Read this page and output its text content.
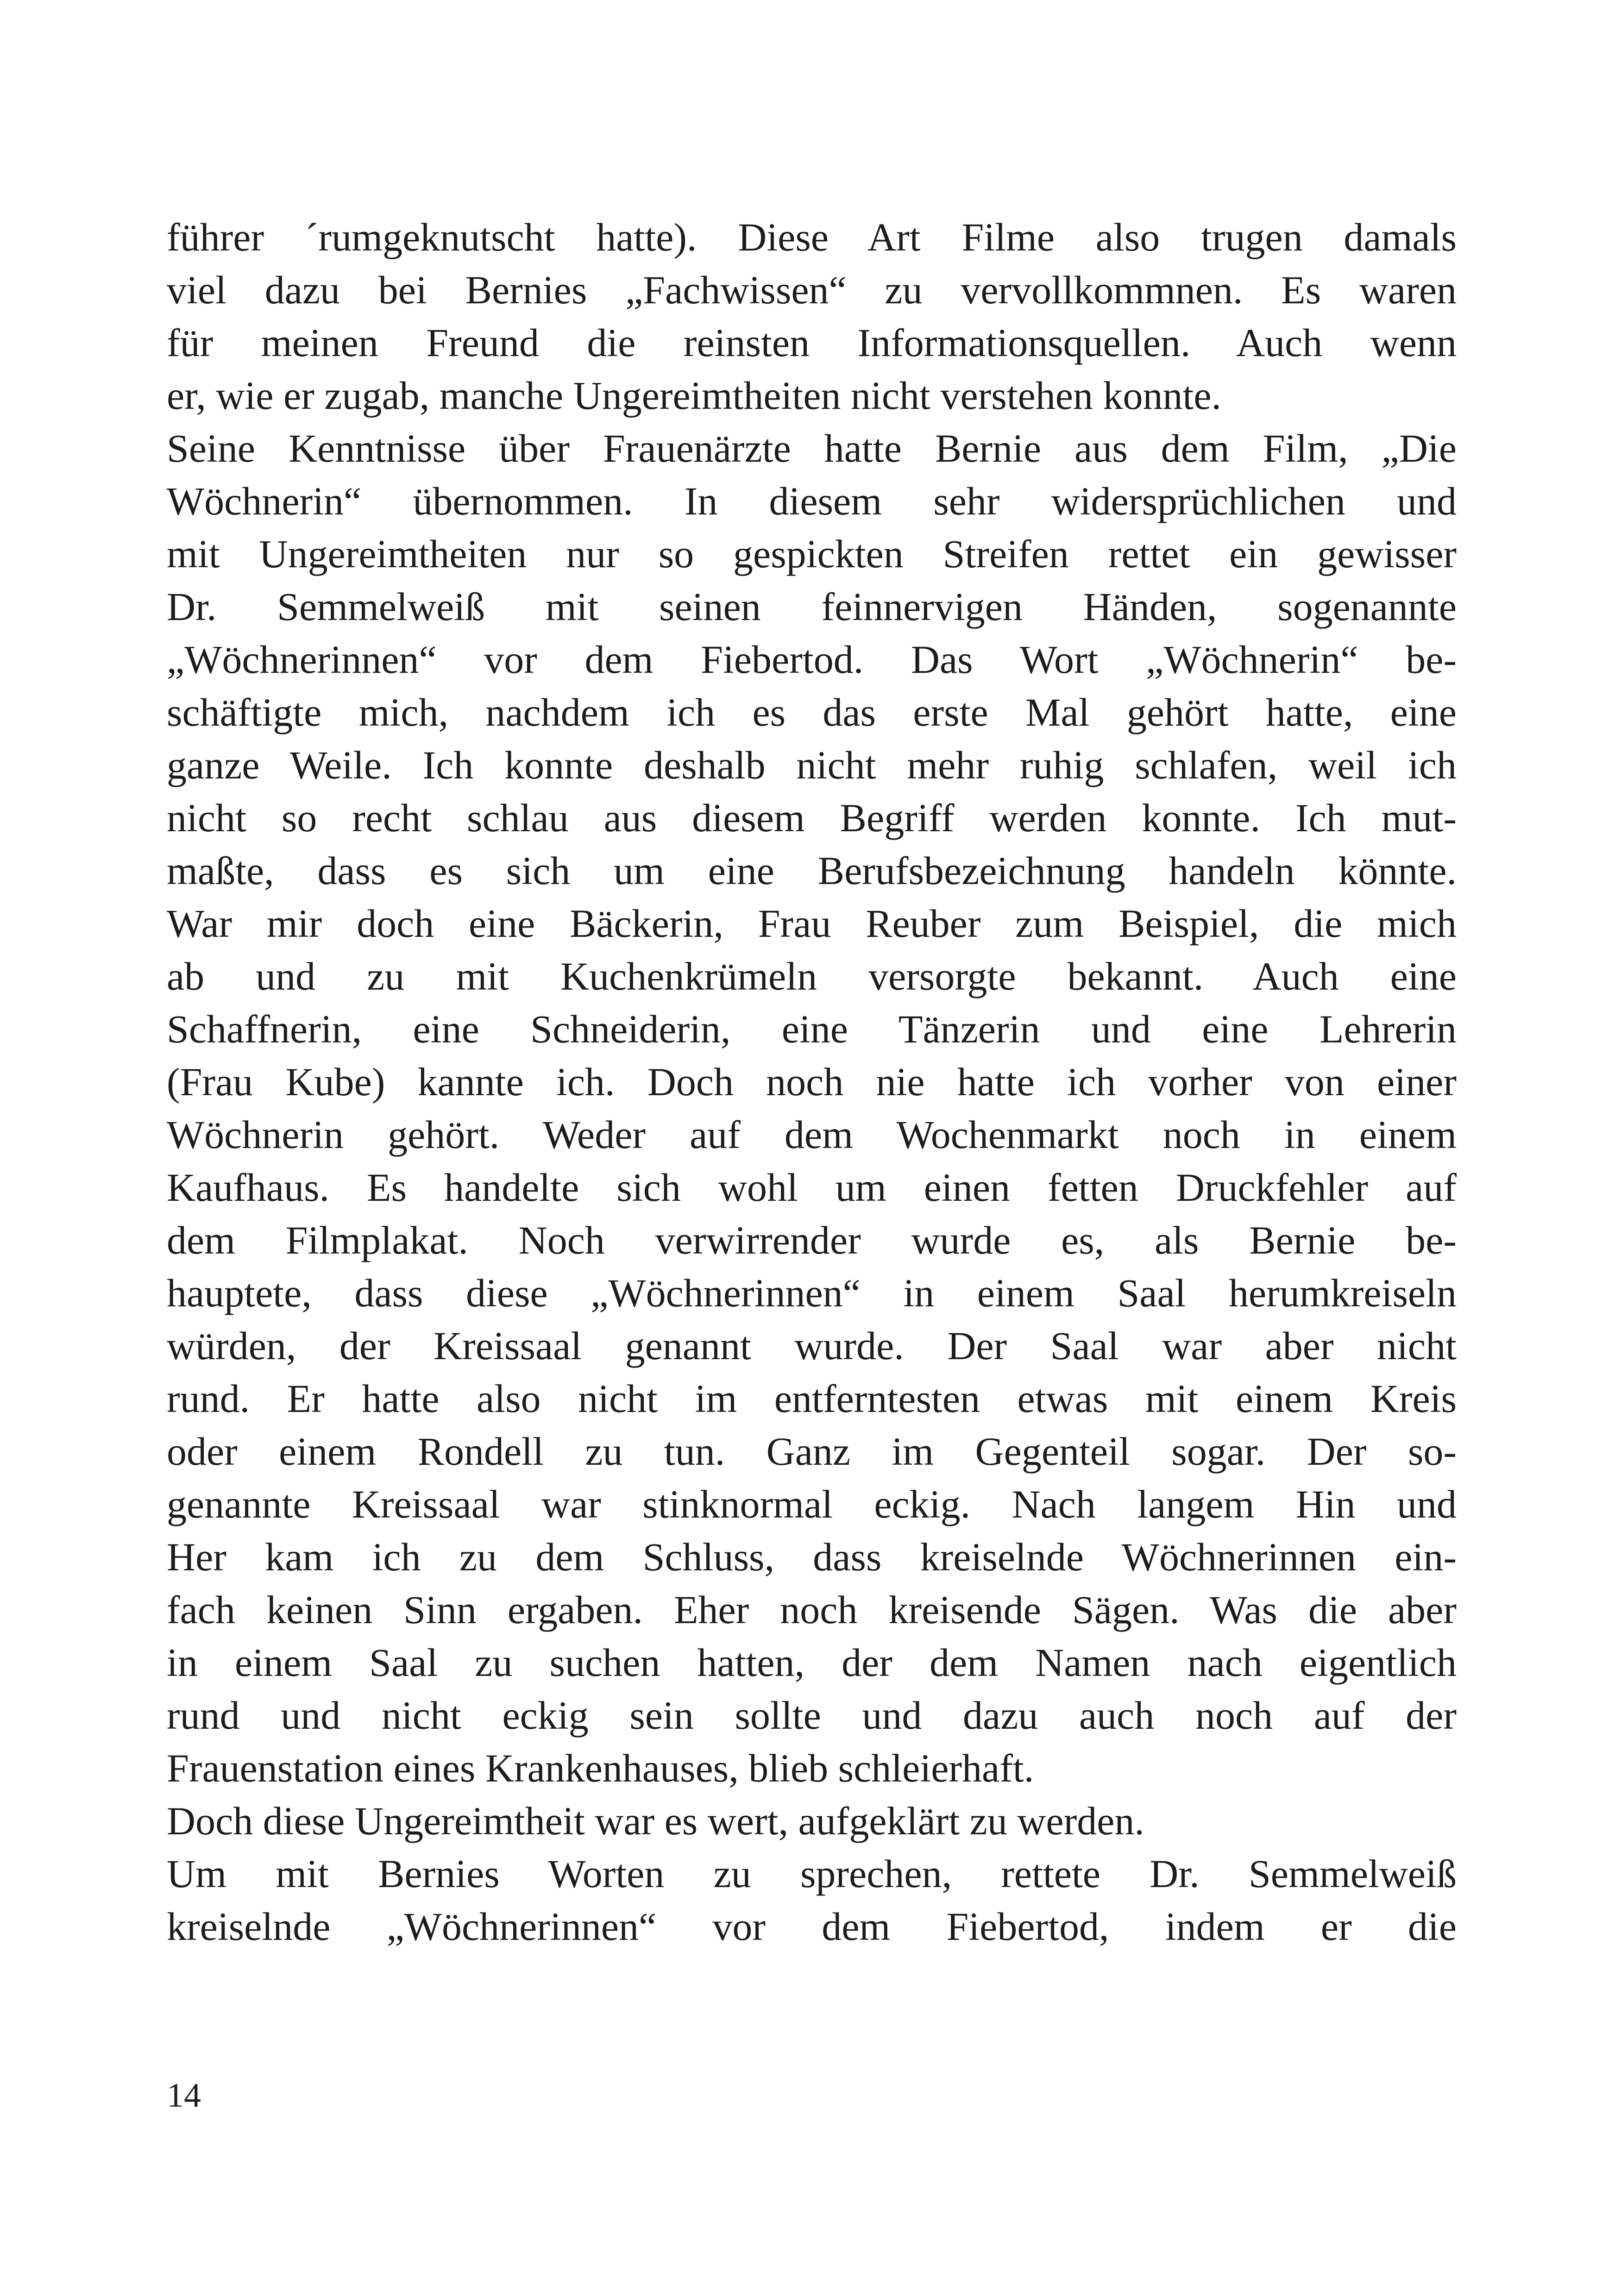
führer ´rumgeknutscht hatte). Diese Art Filme also trugen damals
viel dazu bei Bernies „Fachwissen“ zu vervollkommnen. Es waren
für meinen Freund die reinsten Informationsquellen. Auch wenn
er, wie er zugab, manche Ungereimtheiten nicht verstehen konnte.
Seine Kenntnisse über Frauenärzte hatte Bernie aus dem Film, „Die
Wöchnerin“ übernommen. In diesem sehr widersprüchlichen und
mit Ungereimtheiten nur so gespickten Streifen rettet ein gewisser
Dr. Semmelweiß mit seinen feinnervigen Händen, sogenannte
„Wöchnerinnen“ vor dem Fiebertod. Das Wort „Wöchnerin“ be-
schäftigte mich, nachdem ich es das erste Mal gehört hatte, eine
ganze Weile. Ich konnte deshalb nicht mehr ruhig schlafen, weil ich
nicht so recht schlau aus diesem Begriff werden konnte. Ich mut-
maßte, dass es sich um eine Berufsbezeichnung handeln könnte.
War mir doch eine Bäckerin, Frau Reuber zum Beispiel, die mich
ab und zu mit Kuchenkrümeln versorgte bekannt. Auch eine
Schaffnerin, eine Schneiderin, eine Tänzerin und eine Lehrerin
(Frau Kube) kannte ich. Doch noch nie hatte ich vorher von einer
Wöchnerin gehört. Weder auf dem Wochenmarkt noch in einem
Kaufhaus. Es handelte sich wohl um einen fetten Druckfehler auf
dem Filmplakat. Noch verwirrender wurde es, als Bernie be-
hauptete, dass diese „Wöchnerinnen“ in einem Saal herumkreiseln
würden, der Kreissaal genannt wurde. Der Saal war aber nicht
rund. Er hatte also nicht im entferntesten etwas mit einem Kreis
oder einem Rondell zu tun. Ganz im Gegenteil sogar. Der so-
genannte Kreissaal war stinknormal eckig. Nach langem Hin und
Her kam ich zu dem Schluss, dass kreiselnde Wöchnerinnen ein-
fach keinen Sinn ergaben. Eher noch kreisende Sägen. Was die aber
in einem Saal zu suchen hatten, der dem Namen nach eigentlich
rund und nicht eckig sein sollte und dazu auch noch auf der
Frauenstation eines Krankenhauses, blieb schleierhaft.
Doch diese Ungereimtheit war es wert, aufgeklärt zu werden.
Um mit Bernies Worten zu sprechen, rettete Dr. Semmelweiß
kreiselnde „Wöchnerinnen“ vor dem Fiebertod, indem er die
14
